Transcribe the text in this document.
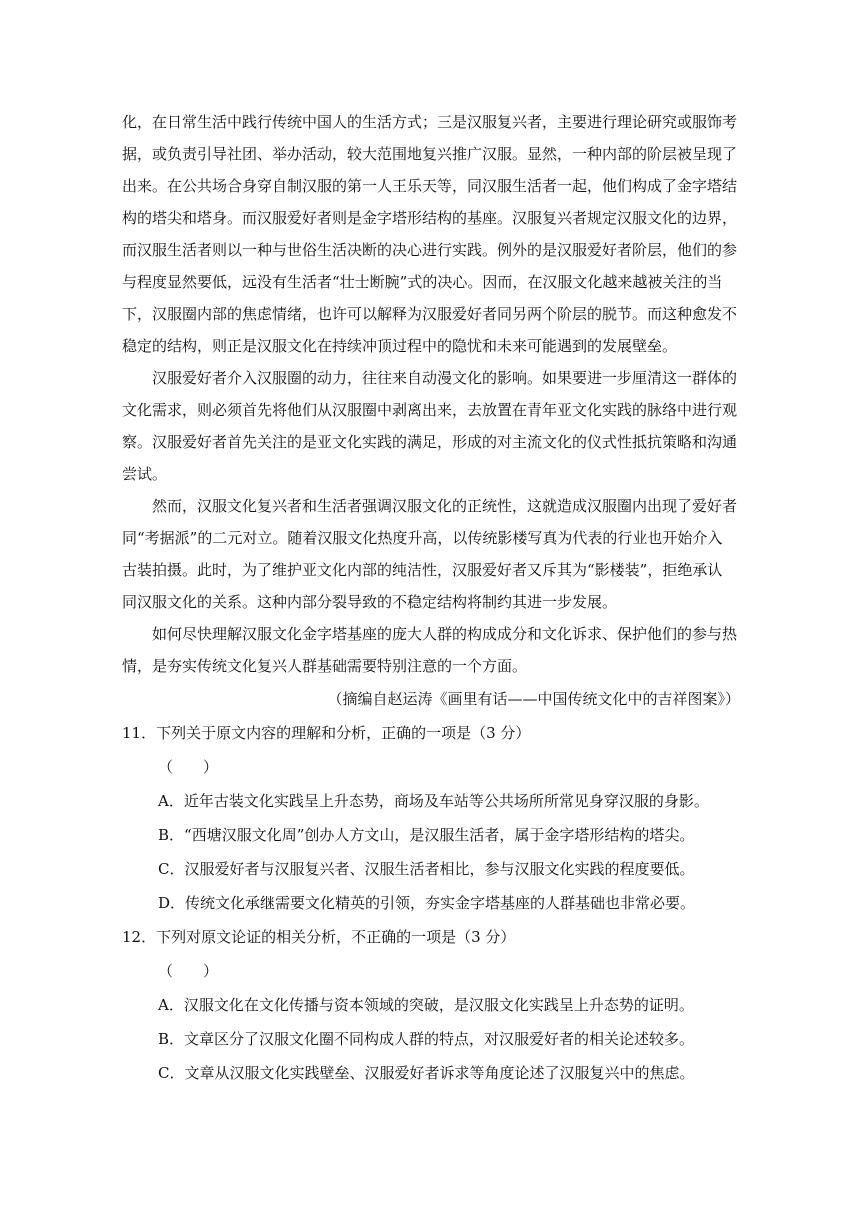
化，在日常生活中践行传统中国人的生活方式；三是汉服复兴者，主要进行理论研究或服饰考
据，或负责引导社团、举办活动，较大范围地复兴推广汉服。显然，一种内部的阶层被呈现了
出来。在公共场合身穿自制汉服的第一人王乐天等，同汉服生活者一起，他们构成了金字塔结
构的塔尖和塔身。而汉服爱好者则是金字塔形结构的基座。汉服复兴者规定汉服文化的边界，
而汉服生活者则以一种与世俗生活决断的决心进行实践。例外的是汉服爱好者阶层，他们的参
与程度显然要低，远没有生活者“壮士断腕”式的决心。因而，在汉服文化越来越被关注的当
下，汉服圈内部的焦虑情绪，也许可以解释为汉服爱好者同另两个阶层的脱节。而这种愈发不
稳定的结构，则正是汉服文化在持续冲顶过程中的隐忧和未来可能遇到的发展壁垒。
汉服爱好者介入汉服圈的动力，往往来自动漫文化的影响。如果要进一步厘清这一群体的
文化需求，则必须首先将他们从汉服圈中剥离出来，去放置在青年亚文化实践的脉络中进行观
察。汉服爱好者首先关注的是亚文化实践的满足，形成的对主流文化的仪式性抵抗策略和沟通
尝试。
然而，汉服文化复兴者和生活者强调汉服文化的正统性，这就造成汉服圈内出现了爱好者
同“考据派”的二元对立。随着汉服文化热度升高，以传统影楼写真为代表的行业也开始介入
古装拍摄。此时，为了维护亚文化内部的纯洁性，汉服爱好者又斥其为“影楼装”，拒绝承认
同汉服文化的关系。这种内部分裂导致的不稳定结构将制约其进一步发展。
如何尽快理解汉服文化金字塔基座的庞大人群的构成成分和文化诉求、保护他们的参与热
情，是夯实传统文化复兴人群基础需要特别注意的一个方面。
（摘编自赵运涛《画里有话——中国传统文化中的吉祥图案》）
11．下列关于原文内容的理解和分析，正确的一项是（3 分）
（　　）
A．近年古装文化实践呈上升态势，商场及车站等公共场所所常见身穿汉服的身影。
B．“西塘汉服文化周”创办人方文山，是汉服生活者，属于金字塔形结构的塔尖。
C．汉服爱好者与汉服复兴者、汉服生活者相比，参与汉服文化实践的程度要低。
D．传统文化承继需要文化精英的引领，夯实金字塔基座的人群基础也非常必要。
12．下列对原文论证的相关分析，不正确的一项是（3 分）
（　　）
A．汉服文化在文化传播与资本领域的突破，是汉服文化实践呈上升态势的证明。
B．文章区分了汉服文化圈不同构成人群的特点，对汉服爱好者的相关论述较多。
C．文章从汉服文化实践壁垒、汉服爱好者诉求等角度论述了汉服复兴中的焦虑。
